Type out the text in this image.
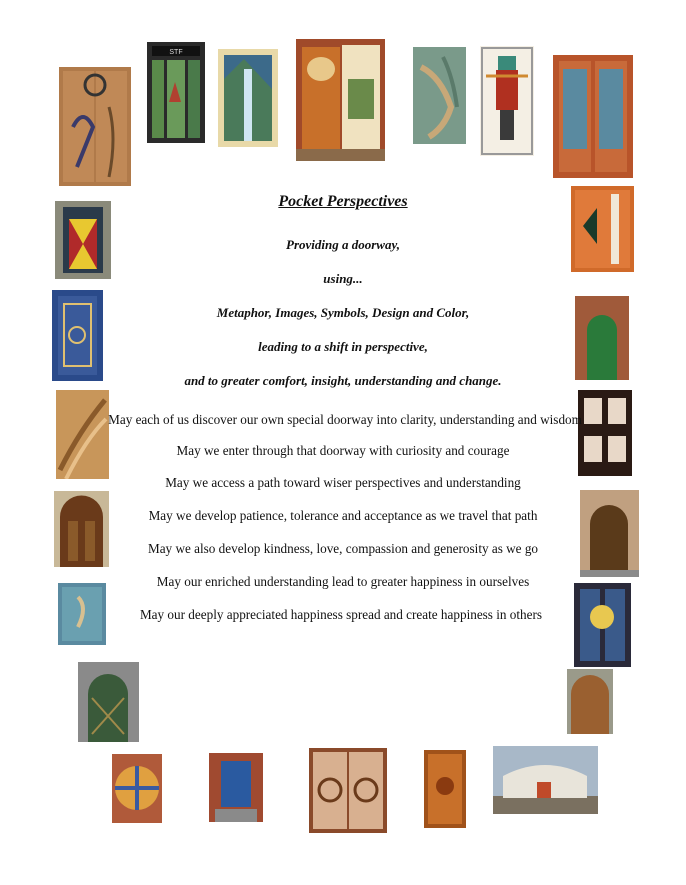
STF
Pocket Perspectives
Providing a doorway,
using...
Metaphor, Images, Symbols, Design and Color,
leading to a shift in perspective,
and to greater comfort, insight, understanding and change.
May each of us discover our own special doorway into clarity, understanding and wisdom
May we enter through that doorway with curiosity and courage
May we access a path toward wiser perspectives and understanding
May we develop patience, tolerance and acceptance as we travel that path
May we also develop kindness, love, compassion and generosity as we go
May our enriched understanding lead to greater happiness in ourselves
May our deeply appreciated happiness spread and create happiness in others
